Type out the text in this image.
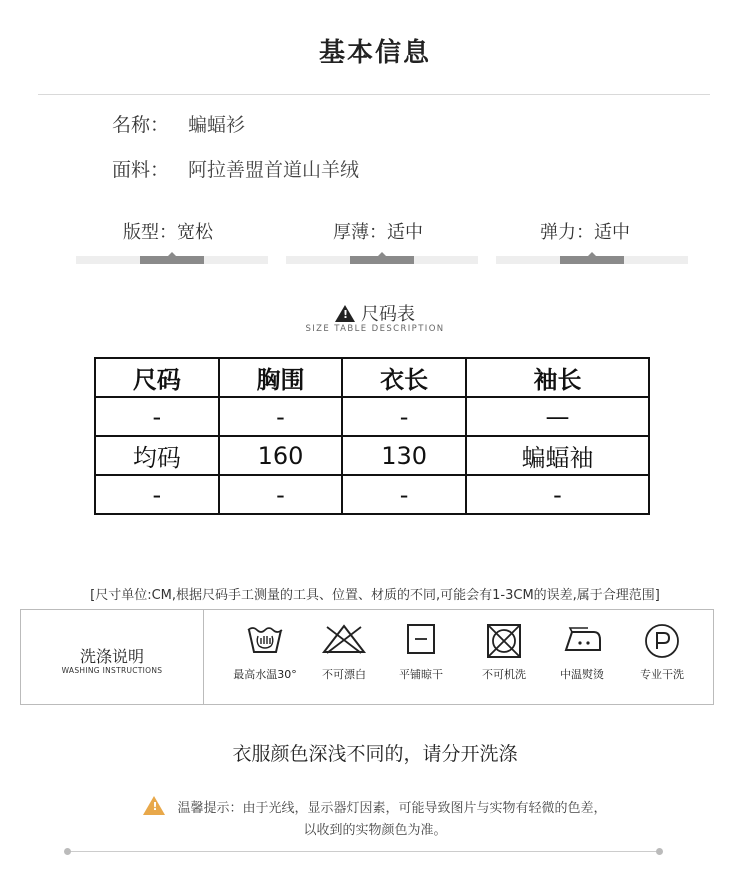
基本信息
名称： 蝙蝠衫
面料： 阿拉善盟首道山羊绒
版型：宽松	厚薄：适中	弹力：适中
!尺码表
SIZE TABLE DESCRIPTION
尺码	胸围	衣长	袖长
-	-	-	—
均码	160	130	蝙蝠袖
-	-	-	-
[尺寸单位:CM,根据尺码手工测量的工具、位置、材质的不同,可能会有1-3CM的误差,属于合理范围]
洗涤说明
WASHING INSTRUCTIONS	最高水温30°	不可漂白	平铺晾干	不可机洗	中温熨烫	专业干洗
衣服颜色深浅不同的，请分开洗涤
!温馨提示：由于光线，显示器灯因素，可能导致图片与实物有轻微的色差，
以收到的实物颜色为准。
